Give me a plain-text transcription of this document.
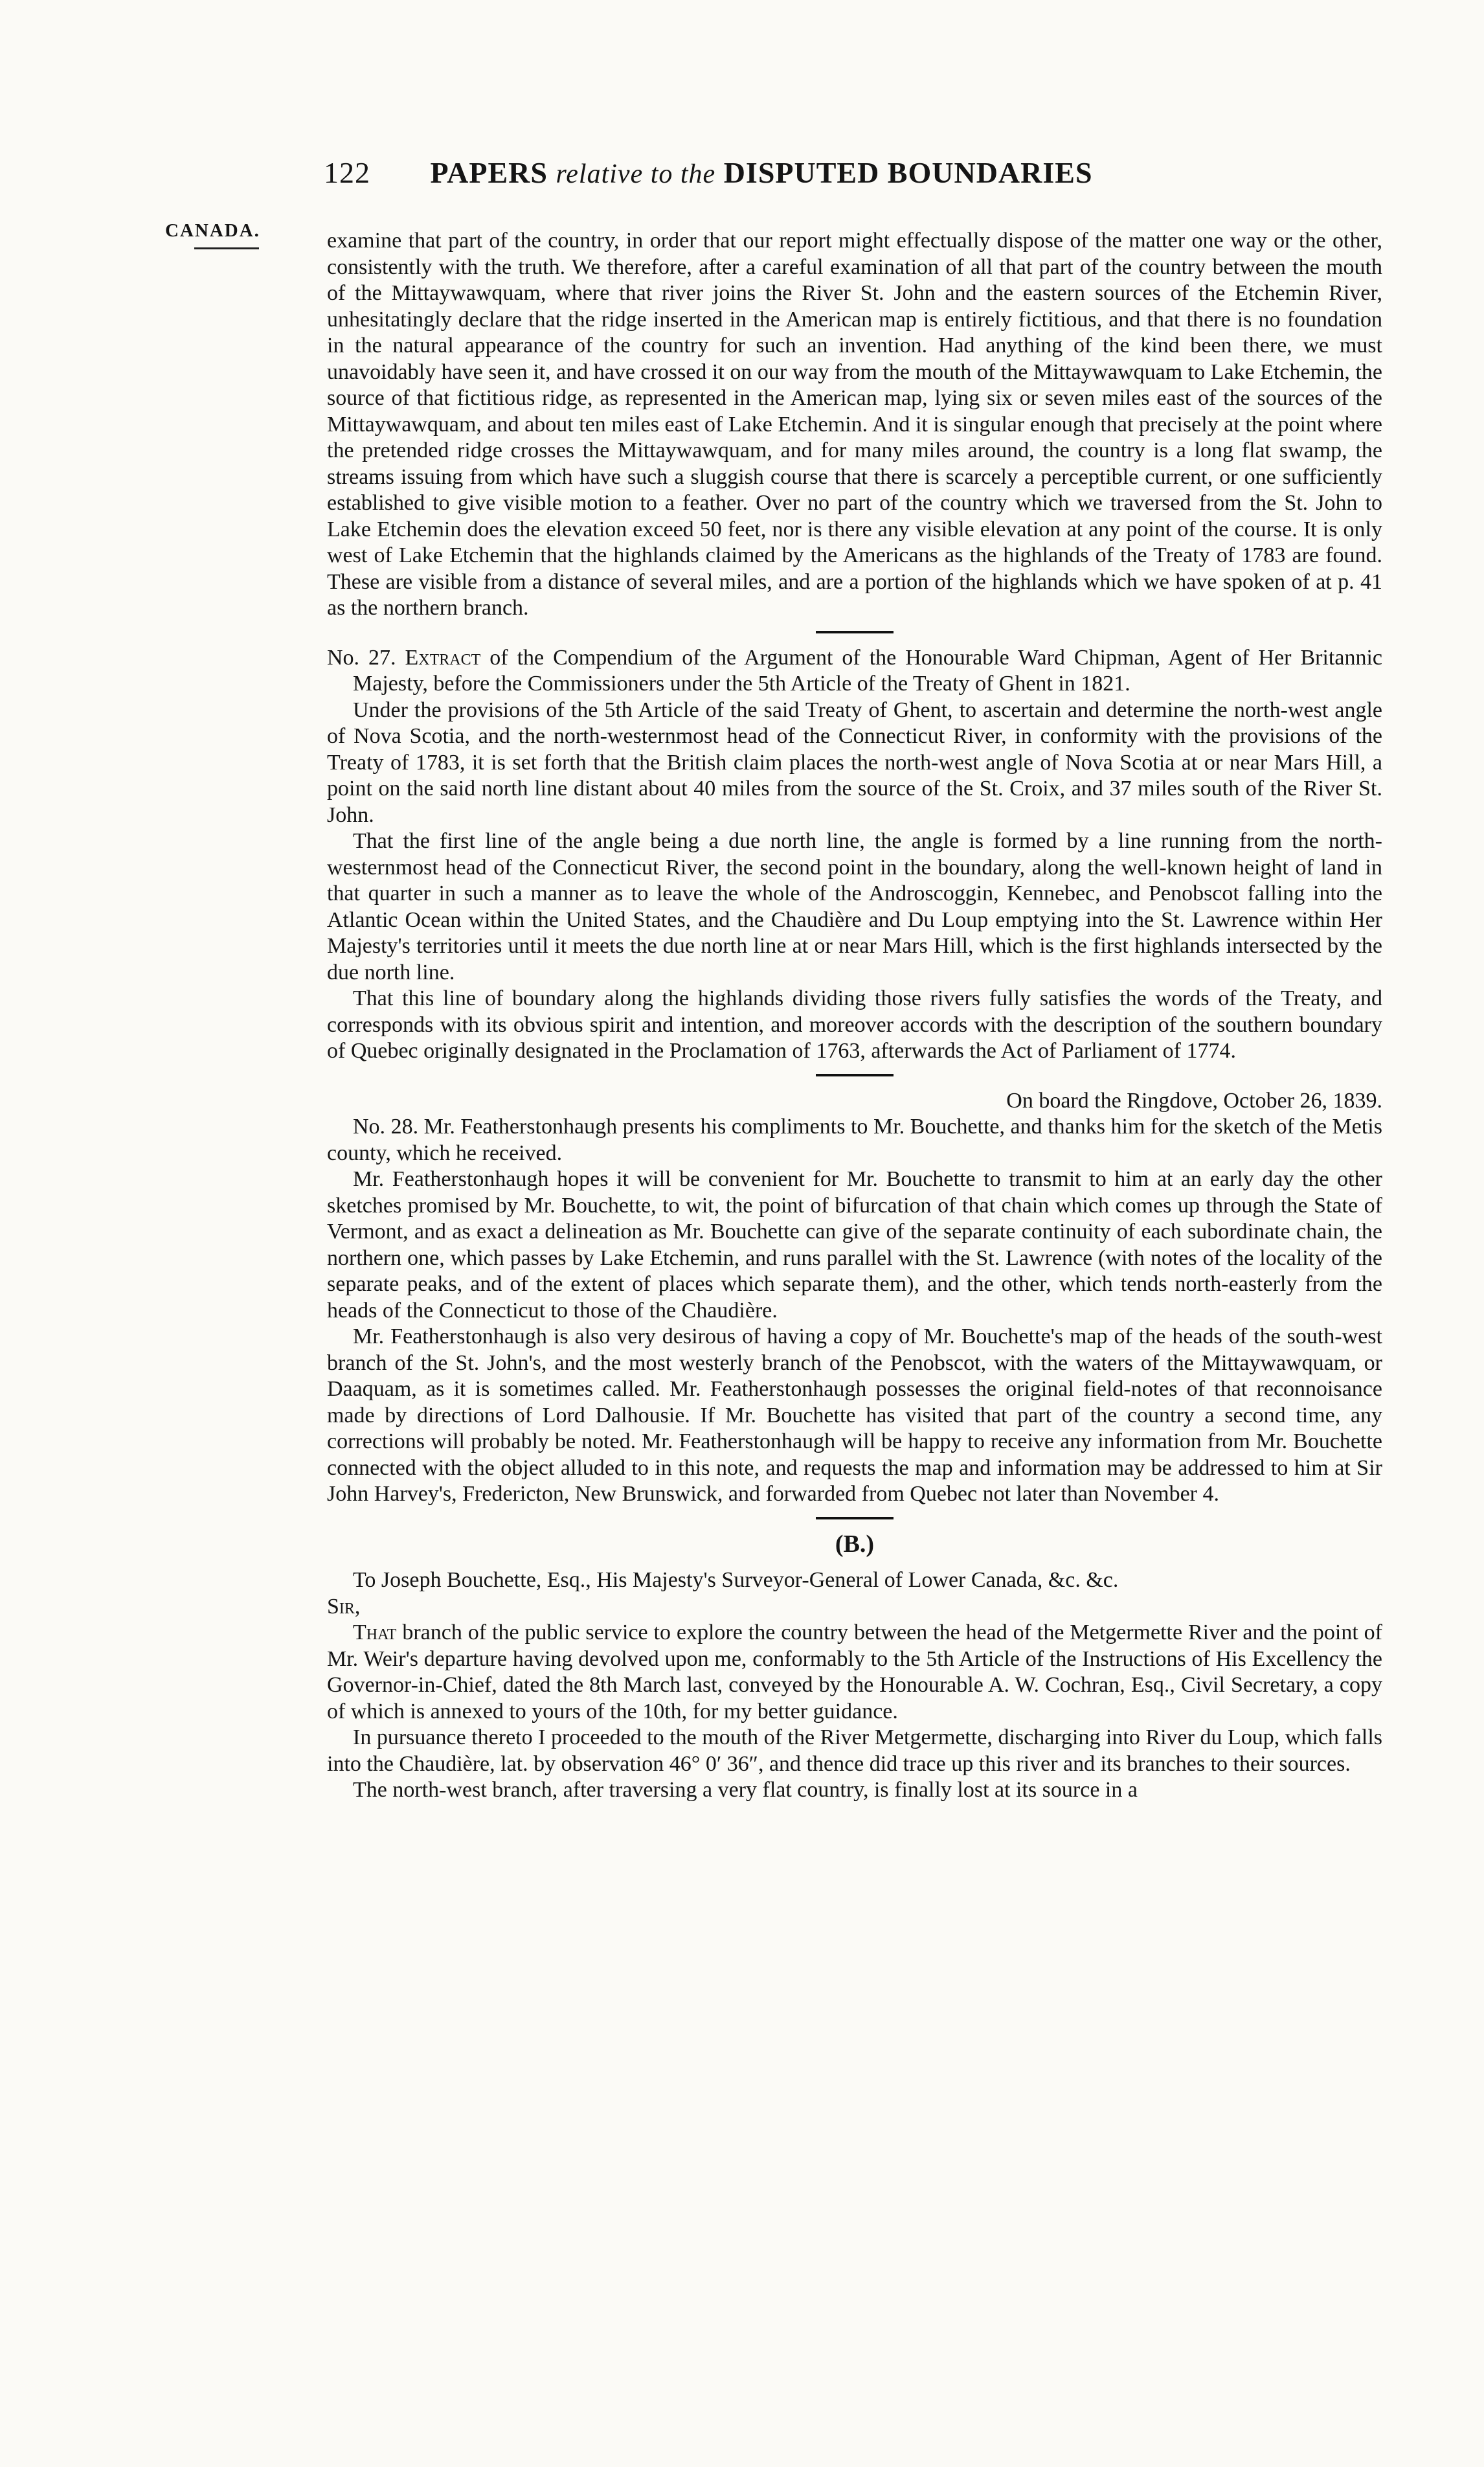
122 PAPERS relative to the DISPUTED BOUNDARIES
CANADA.	examine that part of the country, in order that our report might effectually dispose of the matter one way or the other, consistently with the truth. We therefore, after a careful examination of all that part of the country between the mouth of the Mittaywawquam, where that river joins the River St. John and the eastern sources of the Etchemin River, unhesitatingly declare that the ridge inserted in the American map is entirely fictitious, and that there is no foundation in the natural appearance of the country for such an invention. Had anything of the kind been there, we must unavoidably have seen it, and have crossed it on our way from the mouth of the Mittaywawquam to Lake Etchemin, the source of that fictitious ridge, as represented in the American map, lying six or seven miles east of the sources of the Mittaywawquam, and about ten miles east of Lake Etchemin. And it is singular enough that precisely at the point where the pretended ridge crosses the Mittaywawquam, and for many miles around, the country is a long flat swamp, the streams issuing from which have such a sluggish course that there is scarcely a perceptible current, or one sufficiently established to give visible motion to a feather. Over no part of the country which we traversed from the St. John to Lake Etchemin does the elevation exceed 50 feet, nor is there any visible elevation at any point of the course. It is only west of Lake Etchemin that the highlands claimed by the Americans as the highlands of the Treaty of 1783 are found. These are visible from a distance of several miles, and are a portion of the highlands which we have spoken of at p. 41 as the northern branch.

No. 27. Extract of the Compendium of the Argument of the Honourable Ward Chipman, Agent of Her Britannic Majesty, before the Commissioners under the 5th Article of the Treaty of Ghent in 1821.

Under the provisions of the 5th Article of the said Treaty of Ghent, to ascertain and determine the north-west angle of Nova Scotia, and the north-westernmost head of the Connecticut River, in conformity with the provisions of the Treaty of 1783, it is set forth that the British claim places the north-west angle of Nova Scotia at or near Mars Hill, a point on the said north line distant about 40 miles from the source of the St. Croix, and 37 miles south of the River St. John.

That the first line of the angle being a due north line, the angle is formed by a line running from the north-westernmost head of the Connecticut River, the second point in the boundary, along the well-known height of land in that quarter in such a manner as to leave the whole of the Androscoggin, Kennebec, and Penobscot falling into the Atlantic Ocean within the United States, and the Chaudière and Du Loup emptying into the St. Lawrence within Her Majesty's territories until it meets the due north line at or near Mars Hill, which is the first highlands intersected by the due north line.

That this line of boundary along the highlands dividing those rivers fully satisfies the words of the Treaty, and corresponds with its obvious spirit and intention, and moreover accords with the description of the southern boundary of Quebec originally designated in the Proclamation of 1763, afterwards the Act of Parliament of 1774.

On board the Ringdove, October 26, 1839.

No. 28. Mr. Featherstonhaugh presents his compliments to Mr. Bouchette, and thanks him for the sketch of the Metis county, which he received.

Mr. Featherstonhaugh hopes it will be convenient for Mr. Bouchette to transmit to him at an early day the other sketches promised by Mr. Bouchette, to wit, the point of bifurcation of that chain which comes up through the State of Vermont, and as exact a delineation as Mr. Bouchette can give of the separate continuity of each subordinate chain, the northern one, which passes by Lake Etchemin, and runs parallel with the St. Lawrence (with notes of the locality of the separate peaks, and of the extent of places which separate them), and the other, which tends north-easterly from the heads of the Connecticut to those of the Chaudière.

Mr. Featherstonhaugh is also very desirous of having a copy of Mr. Bouchette's map of the heads of the south-west branch of the St. John's, and the most westerly branch of the Penobscot, with the waters of the Mittaywawquam, or Daaquam, as it is sometimes called. Mr. Featherstonhaugh possesses the original field-notes of that reconnoisance made by directions of Lord Dalhousie. If Mr. Bouchette has visited that part of the country a second time, any corrections will probably be noted. Mr. Featherstonhaugh will be happy to receive any information from Mr. Bouchette connected with the object alluded to in this note, and requests the map and information may be addressed to him at Sir John Harvey's, Fredericton, New Brunswick, and forwarded from Quebec not later than November 4.

(B.)

To Joseph Bouchette, Esq., His Majesty's Surveyor-General of Lower Canada, &c. &c.

Sir,

That branch of the public service to explore the country between the head of the Metgermette River and the point of Mr. Weir's departure having devolved upon me, conformably to the 5th Article of the Instructions of His Excellency the Governor-in-Chief, dated the 8th March last, conveyed by the Honourable A. W. Cochran, Esq., Civil Secretary, a copy of which is annexed to yours of the 10th, for my better guidance.

In pursuance thereto I proceeded to the mouth of the River Metgermette, discharging into River du Loup, which falls into the Chaudière, lat. by observation 46° 0′ 36″, and thence did trace up this river and its branches to their sources.

The north-west branch, after traversing a very flat country, is finally lost at its source in a
